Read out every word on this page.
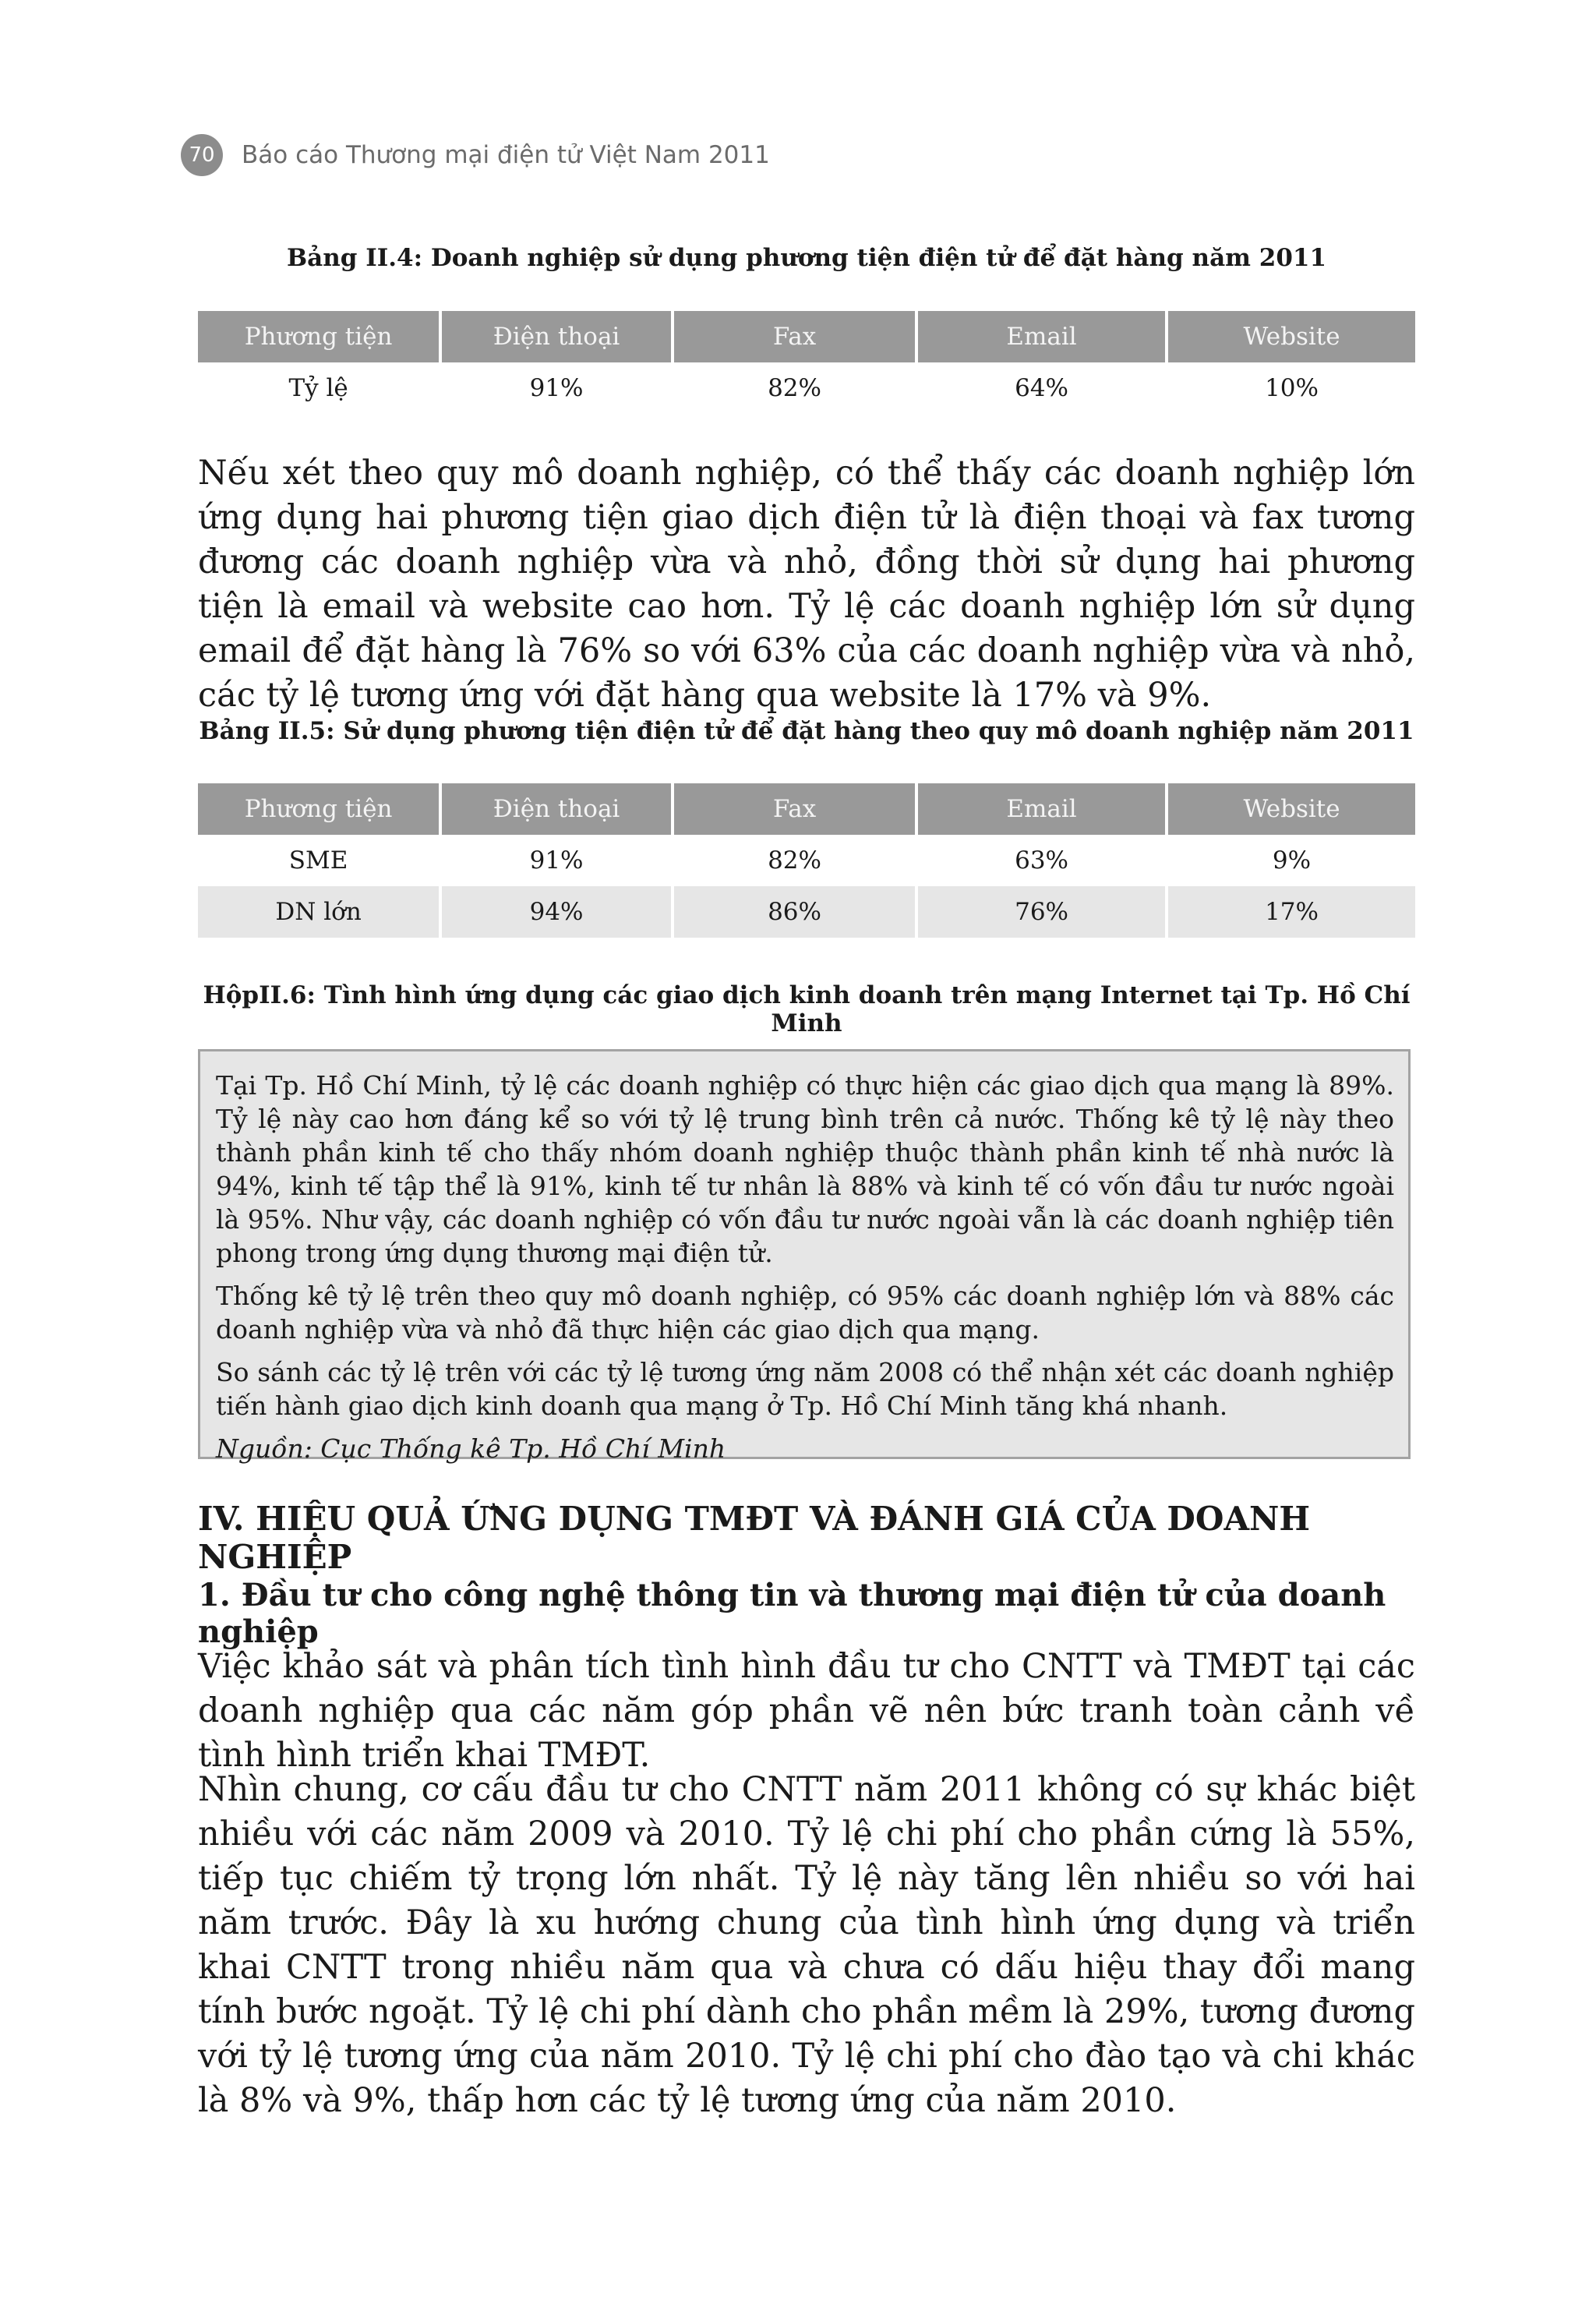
70	Báo cáo Thương mại điện tử Việt Nam 2011
Bảng II.4: Doanh nghiệp sử dụng phương tiện điện tử để đặt hàng năm 2011
Phương tiện	Điện thoại	Fax	Email	Website
Tỷ lệ	91%	82%	64%	10%

Nếu xét theo quy mô doanh nghiệp, có thể thấy các doanh nghiệp lớn ứng dụng hai phương tiện giao dịch điện tử là điện thoại và fax tương đương các doanh nghiệp vừa và nhỏ, đồng thời sử dụng hai phương tiện là email và website cao hơn. Tỷ lệ các doanh nghiệp lớn sử dụng email để đặt hàng là 76% so với 63% của các doanh nghiệp vừa và nhỏ, các tỷ lệ tương ứng với đặt hàng qua website là 17% và 9%.

Bảng II.5: Sử dụng phương tiện điện tử để đặt hàng theo quy mô doanh nghiệp năm 2011
Phương tiện	Điện thoại	Fax	Email	Website
SME	91%	82%	63%	9%
DN lớn	94%	86%	76%	17%
HộpII.6: Tình hình ứng dụng các giao dịch kinh doanh trên mạng Internet tại Tp. Hồ Chí Minh

Tại Tp. Hồ Chí Minh, tỷ lệ các doanh nghiệp có thực hiện các giao dịch qua mạng là 89%. Tỷ lệ này cao hơn đáng kể so với tỷ lệ trung bình trên cả nước. Thống kê tỷ lệ này theo thành phần kinh tế cho thấy nhóm doanh nghiệp thuộc thành phần kinh tế nhà nước là 94%, kinh tế tập thể là 91%, kinh tế tư nhân là 88% và kinh tế có vốn đầu tư nước ngoài là 95%. Như vậy, các doanh nghiệp có vốn đầu tư nước ngoài vẫn là các doanh nghiệp tiên phong trong ứng dụng thương mại điện tử.

Thống kê tỷ lệ trên theo quy mô doanh nghiệp, có 95% các doanh nghiệp lớn và 88% các doanh nghiệp vừa và nhỏ đã thực hiện các giao dịch qua mạng.

So sánh các tỷ lệ trên với các tỷ lệ tương ứng năm 2008 có thể nhận xét các doanh nghiệp tiến hành giao dịch kinh doanh qua mạng ở Tp. Hồ Chí Minh tăng khá nhanh.

Nguồn: Cục Thống kê Tp. Hồ Chí Minh

IV. HIỆU QUẢ ỨNG DỤNG TMĐT VÀ ĐÁNH GIÁ CỦA DOANH NGHIỆP
1. Đầu tư cho công nghệ thông tin và thương mại điện tử của doanh nghiệp

Việc khảo sát và phân tích tình hình đầu tư cho CNTT và TMĐT tại các doanh nghiệp qua các năm góp phần vẽ nên bức tranh toàn cảnh về tình hình triển khai TMĐT.

Nhìn chung, cơ cấu đầu tư cho CNTT năm 2011 không có sự khác biệt nhiều với các năm 2009 và 2010. Tỷ lệ chi phí cho phần cứng là 55%, tiếp tục chiếm tỷ trọng lớn nhất. Tỷ lệ này tăng lên nhiều so với hai năm trước. Đây là xu hướng chung của tình hình ứng dụng và triển khai CNTT trong nhiều năm qua và chưa có dấu hiệu thay đổi mang tính bước ngoặt. Tỷ lệ chi phí dành cho phần mềm là 29%, tương đương với tỷ lệ tương ứng của năm 2010. Tỷ lệ chi phí cho đào tạo và chi khác là 8% và 9%, thấp hơn các tỷ lệ tương ứng của năm 2010.
